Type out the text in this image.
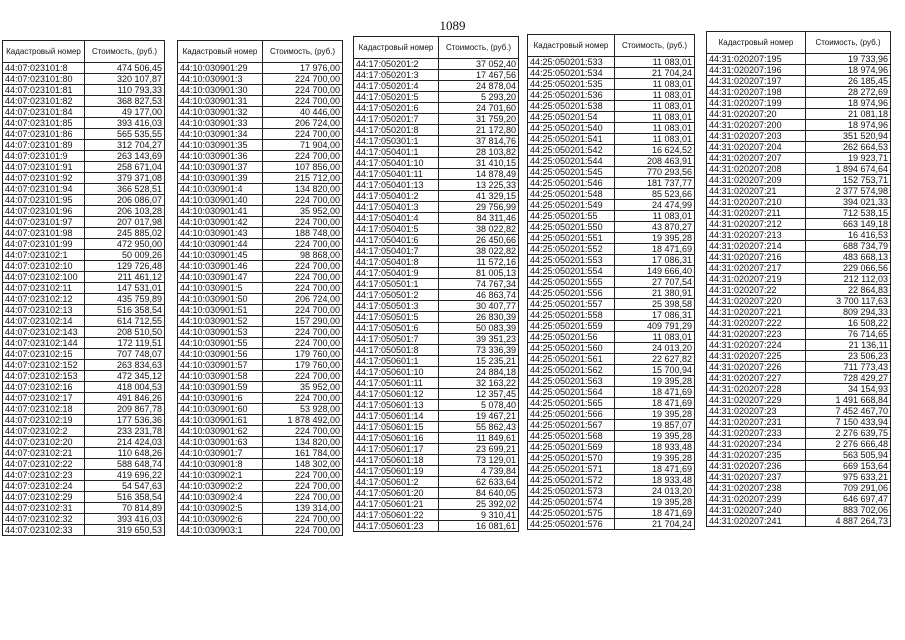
1089
Кадастровый номер	Стоимость, (руб.)
44:07:023101:8	474 506,45
44:07:023101:80	320 107,87
44:07:023101:81	110 793,33
44:07:023101:82	368 827,53
44:07:023101:84	49 177,00
44:07:023101:85	393 416,03
44:07:023101:86	565 535,55
44:07:023101:89	312 704,27
44:07:023101:9	263 143,69
44:07:023101:91	258 671,04
44:07:023101:92	379 371,08
44:07:023101:94	366 528,51
44:07:023101:95	206 086,07
44:07:023101:96	206 103,28
44:07:023101:97	207 017,98
44:07:023101:98	245 885,02
44:07:023101:99	472 950,00
44:07:023102:1	50 009,26
44:07:023102:10	129 726,48
44:07:023102:100	211 461,12
44:07:023102:11	147 531,01
44:07:023102:12	435 759,89
44:07:023102:13	516 358,54
44:07:023102:14	614 712,55
44:07:023102:143	208 510,50
44:07:023102:144	172 119,51
44:07:023102:15	707 748,07
44:07:023102:152	263 834,63
44:07:023102:153	472 345,12
44:07:023102:16	418 004,53
44:07:023102:17	491 846,26
44:07:023102:18	209 867,78
44:07:023102:19	177 536,36
44:07:023102:2	233 231,78
44:07:023102:20	214 424,03
44:07:023102:21	110 648,26
44:07:023102:22	588 648,74
44:07:023102:23	419 696,22
44:07:023102:24	54 547,63
44:07:023102:29	516 358,54
44:07:023102:31	70 814,89
44:07:023102:32	393 416,03
44:07:023102:33	319 650,53
Кадастровый номер	Стоимость, (руб.)
44:10:030901:29	17 976,00
44:10:030901:3	224 700,00
44:10:030901:30	224 700,00
44:10:030901:31	224 700,00
44:10:030901:32	40 446,00
44:10:030901:33	206 724,00
44:10:030901:34	224 700,00
44:10:030901:35	71 904,00
44:10:030901:36	224 700,00
44:10:030901:37	107 856,00
44:10:030901:39	215 712,00
44:10:030901:4	134 820,00
44:10:030901:40	224 700,00
44:10:030901:41	35 952,00
44:10:030901:42	224 700,00
44:10:030901:43	188 748,00
44:10:030901:44	224 700,00
44:10:030901:45	98 868,00
44:10:030901:46	224 700,00
44:10:030901:47	224 700,00
44:10:030901:5	224 700,00
44:10:030901:50	206 724,00
44:10:030901:51	224 700,00
44:10:030901:52	157 290,00
44:10:030901:53	224 700,00
44:10:030901:55	224 700,00
44:10:030901:56	179 760,00
44:10:030901:57	179 760,00
44:10:030901:58	224 700,00
44:10:030901:59	35 952,00
44:10:030901:6	224 700,00
44:10:030901:60	53 928,00
44:10:030901:61	1 878 492,00
44:10:030901:62	224 700,00
44:10:030901:63	134 820,00
44:10:030901:7	161 784,00
44:10:030901:8	148 302,00
44:10:030902:1	224 700,00
44:10:030902:2	224 700,00
44:10:030902:4	224 700,00
44:10:030902:5	139 314,00
44:10:030902:6	224 700,00
44:10:030903:1	224 700,00
Кадастровый номер	Стоимость, (руб.)
44:17:050201:2	37 052,40
44:17:050201:3	17 467,56
44:17:050201:4	24 878,04
44:17:050201:5	5 293,20
44:17:050201:6	24 701,60
44:17:050201:7	31 759,20
44:17:050201:8	21 172,80
44:17:050301:1	37 814,76
44:17:050401:1	28 103,82
44:17:050401:10	31 410,15
44:17:050401:11	14 878,49
44:17:050401:13	13 225,33
44:17:050401:2	41 329,15
44:17:050401:3	29 756,99
44:17:050401:4	84 311,46
44:17:050401:5	38 022,82
44:17:050401:6	26 450,66
44:17:050401:7	38 022,82
44:17:050401:8	11 572,16
44:17:050401:9	81 005,13
44:17:050501:1	74 767,34
44:17:050501:2	46 863,74
44:17:050501:3	30 407,77
44:17:050501:5	26 830,39
44:17:050501:6	50 083,39
44:17:050501:7	39 351,23
44:17:050501:8	73 336,39
44:17:050601:1	15 235,21
44:17:050601:10	24 884,18
44:17:050601:11	32 163,22
44:17:050601:12	12 357,45
44:17:050601:13	5 078,40
44:17:050601:14	19 467,21
44:17:050601:15	55 862,43
44:17:050601:16	11 849,61
44:17:050601:17	23 699,21
44:17:050601:18	73 129,01
44:17:050601:19	4 739,84
44:17:050601:2	62 633,64
44:17:050601:20	84 640,05
44:17:050601:21	25 392,02
44:17:050601:22	9 310,41
44:17:050601:23	16 081,61
Кадастровый номер	Стоимость, (руб.)
44:25:050201:533	11 083,01
44:25:050201:534	21 704,24
44:25:050201:535	11 083,01
44:25:050201:536	11 083,01
44:25:050201:538	11 083,01
44:25:050201:54	11 083,01
44:25:050201:540	11 083,01
44:25:050201:541	11 083,01
44:25:050201:542	16 624,52
44:25:050201:544	208 463,91
44:25:050201:545	770 293,56
44:25:050201:546	181 737,77
44:25:050201:548	85 523,66
44:25:050201:549	24 474,99
44:25:050201:55	11 083,01
44:25:050201:550	43 870,27
44:25:050201:551	19 395,28
44:25:050201:552	18 471,69
44:25:050201:553	17 086,31
44:25:050201:554	149 666,40
44:25:050201:555	27 707,54
44:25:050201:556	21 380,91
44:25:050201:557	25 398,58
44:25:050201:558	17 086,31
44:25:050201:559	409 791,29
44:25:050201:56	11 083,01
44:25:050201:560	24 013,20
44:25:050201:561	22 627,82
44:25:050201:562	15 700,94
44:25:050201:563	19 395,28
44:25:050201:564	18 471,69
44:25:050201:565	18 471,69
44:25:050201:566	19 395,28
44:25:050201:567	19 857,07
44:25:050201:568	19 395,28
44:25:050201:569	18 933,48
44:25:050201:570	19 395,28
44:25:050201:571	18 471,69
44:25:050201:572	18 933,48
44:25:050201:573	24 013,20
44:25:050201:574	19 395,28
44:25:050201:575	18 471,69
44:25:050201:576	21 704,24
Кадастровый номер	Стоимость, (руб.)
44:31:020207:195	19 733,96
44:31:020207:196	18 974,96
44:31:020207:197	26 185,45
44:31:020207:198	28 272,69
44:31:020207:199	18 974,96
44:31:020207:20	21 081,18
44:31:020207:200	18 974,96
44:31:020207:203	351 520,94
44:31:020207:204	262 664,53
44:31:020207:207	19 923,71
44:31:020207:208	1 894 674,64
44:31:020207:209	152 753,71
44:31:020207:21	2 377 574,98
44:31:020207:210	394 021,33
44:31:020207:211	712 538,15
44:31:020207:212	663 149,18
44:31:020207:213	16 416,53
44:31:020207:214	688 734,79
44:31:020207:216	483 668,13
44:31:020207:217	229 066,56
44:31:020207:219	212 112,03
44:31:020207:22	22 864,83
44:31:020207:220	3 700 117,63
44:31:020207:221	809 294,33
44:31:020207:222	16 508,22
44:31:020207:223	76 714,65
44:31:020207:224	21 136,11
44:31:020207:225	23 506,23
44:31:020207:226	711 773,43
44:31:020207:227	728 429,27
44:31:020207:228	34 154,93
44:31:020207:229	1 491 668,84
44:31:020207:23	7 452 467,70
44:31:020207:231	7 150 433,94
44:31:020207:233	2 276 639,75
44:31:020207:234	2 276 666,48
44:31:020207:235	563 505,94
44:31:020207:236	669 153,64
44:31:020207:237	975 633,21
44:31:020207:238	709 291,06
44:31:020207:239	646 697,47
44:31:020207:240	883 702,06
44:31:020207:241	4 887 264,73
